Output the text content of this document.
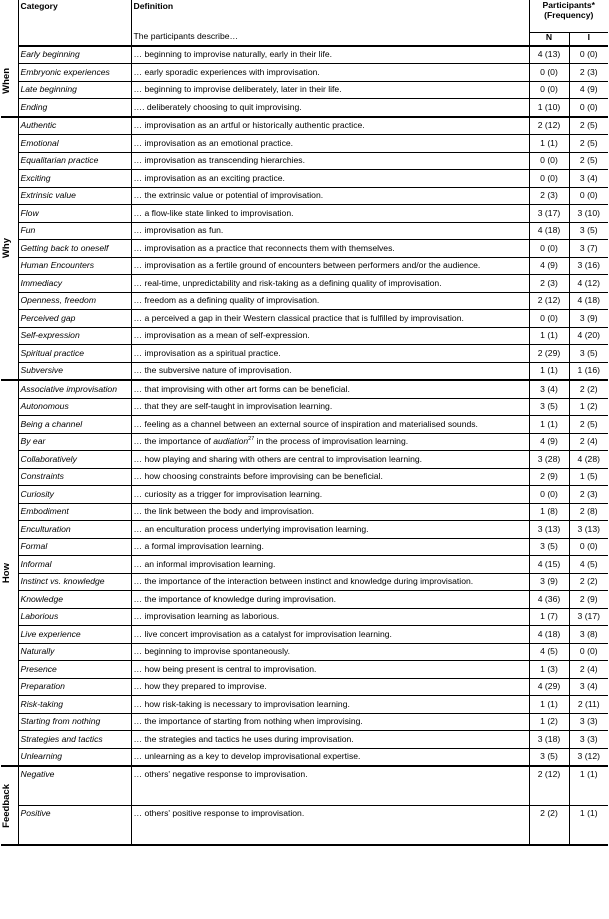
	Category	Definition	Participants*
(Frequency)	
		The participants describe…	N	I

When	Early beginning	… beginning to improvise naturally, early in their life.	4 (13)	0 (0)
	Embryonic experiences	… early sporadic experiences with improvisation.	0 (0)	2 (3)
	Late beginning	… beginning to improvise deliberately, later in their life.	0 (0)	4 (9)
	Ending	…. deliberately choosing to quit improvising.	1 (10)	0 (0)

Why	Authentic	… improvisation as an artful or historically authentic practice.	2 (12)	2 (5)
	Emotional	… improvisation as an emotional practice.	1 (1)	2 (5)
	Equalitarian practice	… improvisation as transcending hierarchies.	0 (0)	2 (5)
	Exciting	… improvisation as an exciting practice.	0 (0)	3 (4)
	Extrinsic value	… the extrinsic value or potential of improvisation.	2 (3)	0 (0)
	Flow	… a flow-like state linked to improvisation.	3 (17)	3 (10)
	Fun	… improvisation as fun.	4 (18)	3 (5)
	Getting back to oneself	… improvisation as a practice that reconnects them with themselves.	0 (0)	3 (7)
	Human Encounters	… improvisation as a fertile ground of encounters between performers and/or the audience.	4 (9)	3 (16)
	Immediacy	… real-time, unpredictability and risk-taking as a defining quality of improvisation.	2 (3)	4 (12)
	Openness, freedom	… freedom as a defining quality of improvisation.	2 (12)	4 (18)
	Perceived gap	… a perceived a gap in their Western classical practice that is fulfilled by improvisation.	0 (0)	3 (9)
	Self-expression	… improvisation as a mean of self-expression.	1 (1)	4 (20)
	Spiritual practice	… improvisation as a spiritual practice.	2 (29)	3 (5)
	Subversive	… the subversive nature of improvisation.	1 (1)	1 (16)

How	Associative improvisation	… that improvising with other art forms can be beneficial.	3 (4)	2 (2)
	Autonomous	… that they are self-taught in improvisation learning.	3 (5)	1 (2)
	Being a channel	… feeling as a channel between an external source of inspiration and materialised sounds.	1 (1)	2 (5)
	By ear	… the importance of audiation$^{27}$ in the process of improvisation learning.	4 (9)	2 (4)
	Collaboratively	… how playing and sharing with others are central to improvisation learning.	3 (28)	4 (28)
	Constraints	… how choosing constraints before improvising can be beneficial.	2 (9)	1 (5)
	Curiosity	… curiosity as a trigger for improvisation learning.	0 (0)	2 (3)
	Embodiment	… the link between the body and improvisation.	1 (8)	2 (8)
	Enculturation	… an enculturation process underlying improvisation learning.	3 (13)	3 (13)
	Formal	… a formal improvisation learning.	3 (5)	0 (0)
	Informal	… an informal improvisation learning.	4 (15)	4 (5)
	Instinct vs. knowledge	… the importance of the interaction between instinct and knowledge during improvisation.	3 (9)	2 (2)
	Knowledge	… the importance of knowledge during improvisation.	4 (36)	2 (9)
	Laborious	… improvisation learning as laborious.	1 (7)	3 (17)
	Live experience	… live concert improvisation as a catalyst for improvisation learning.	4 (18)	3 (8)
	Naturally	… beginning to improvise spontaneously.	4 (5)	0 (0)
	Presence	… how being present is central to improvisation.	1 (3)	2 (4)
	Preparation	… how they prepared to improvise.	4 (29)	3 (4)
	Risk-taking	… how risk-taking is necessary to improvisation learning.	1 (1)	2 (11)
	Starting from nothing	… the importance of starting from nothing when improvising.	1 (2)	3 (3)
	Strategies and tactics	… the strategies and tactics he uses during improvisation.	3 (18)	3 (3)
	Unlearning	… unlearning as a key to develop improvisational expertise.	3 (5)	3 (12)

Feedback	Negative	… others' negative response to improvisation.	2 (12)	1 (1)
	Positive	… others' positive response to improvisation.	2 (2)	1 (1)
